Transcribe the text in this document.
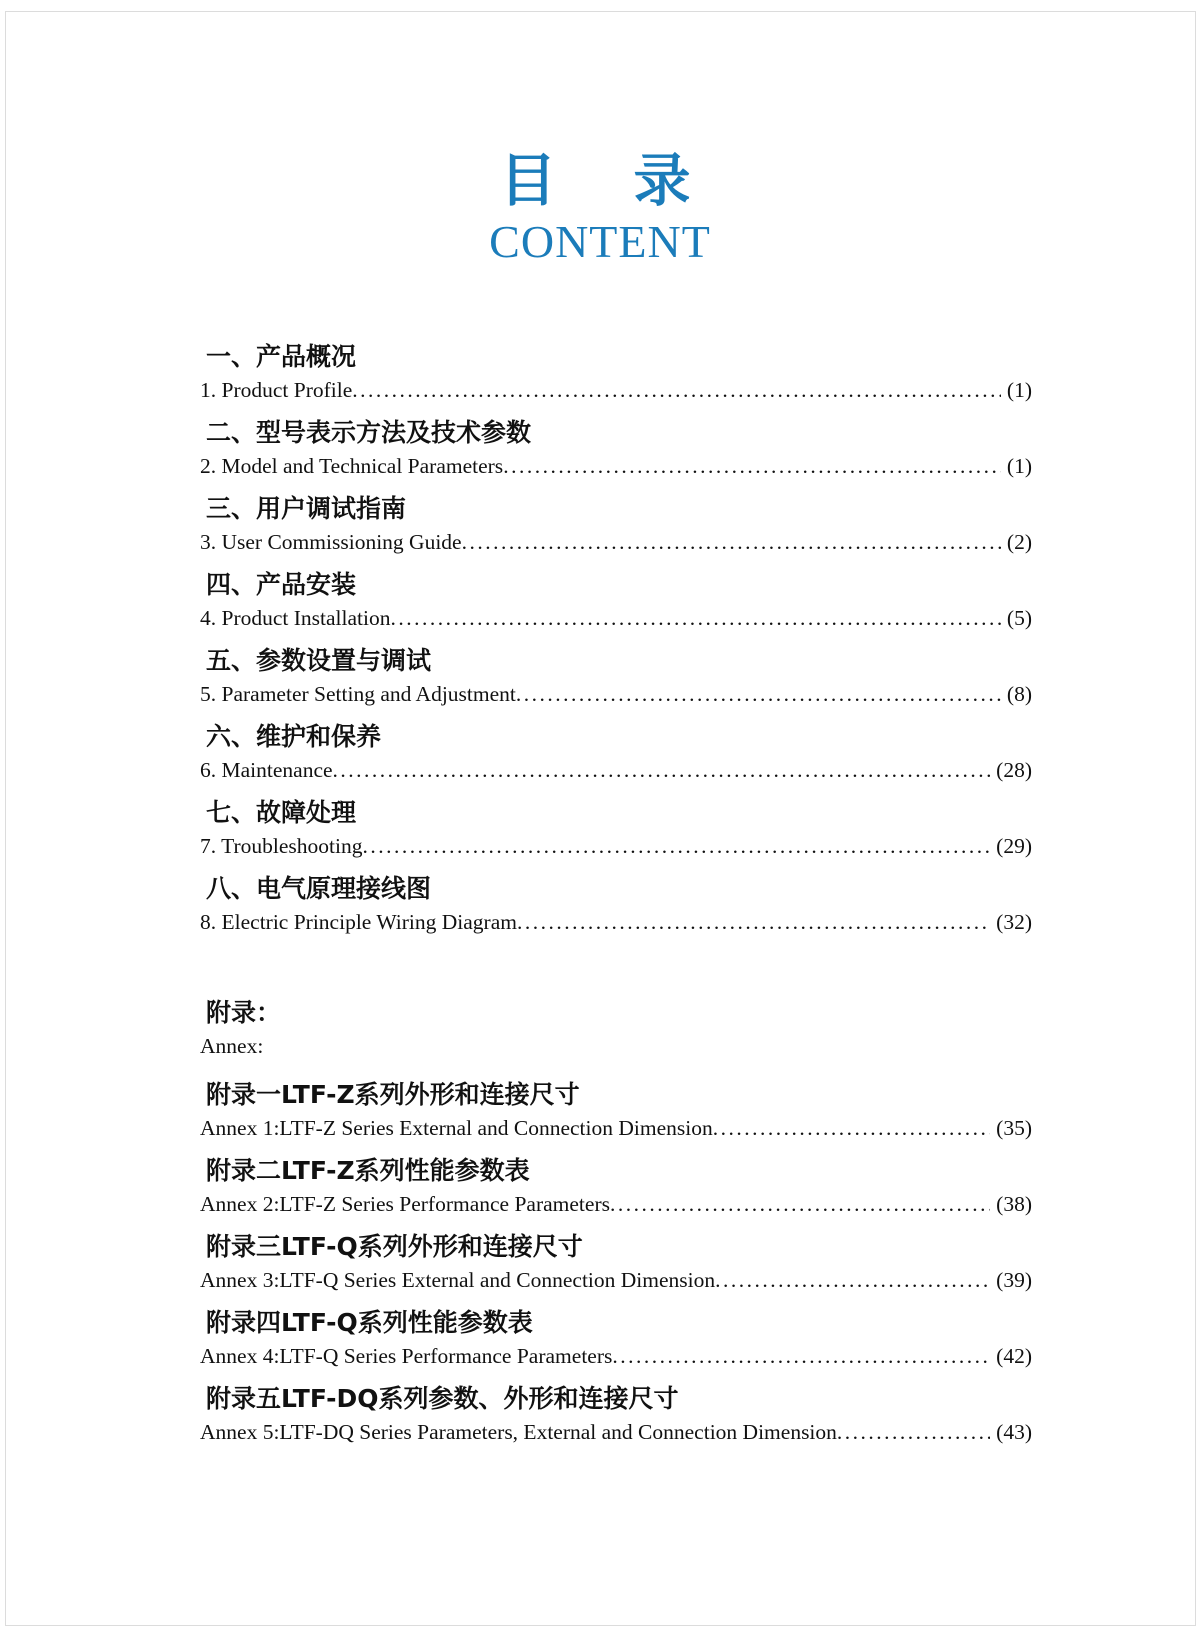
目　录
CONTENT
一、产品概况
1. Product Profile .....	(1)
二、型号表示方法及技术参数
2. Model and Technical Parameters .....	(1)
三、用户调试指南
3. User Commissioning Guide .....	(2)
四、产品安装
4. Product Installation .....	(5)
五、参数设置与调试
5. Parameter Setting and Adjustment .....	(8)
六、维护和保养
6. Maintenance .....	(28)
七、故障处理
7. Troubleshooting .....	(29)
八、电气原理接线图
8. Electric Principle Wiring Diagram .....	(32)
附录：
Annex:
附录一LTF-Z系列外形和连接尺寸
Annex 1:LTF-Z Series External and Connection Dimension .....	(35)
附录二LTF-Z系列性能参数表
Annex 2:LTF-Z Series Performance Parameters .....	(38)
附录三LTF-Q系列外形和连接尺寸
Annex 3:LTF-Q Series External and Connection Dimension .....	(39)
附录四LTF-Q系列性能参数表
Annex 4:LTF-Q Series Performance Parameters .....	(42)
附录五LTF-DQ系列参数、外形和连接尺寸
Annex 5:LTF-DQ Series Parameters, External and Connection Dimension .....	(43)
